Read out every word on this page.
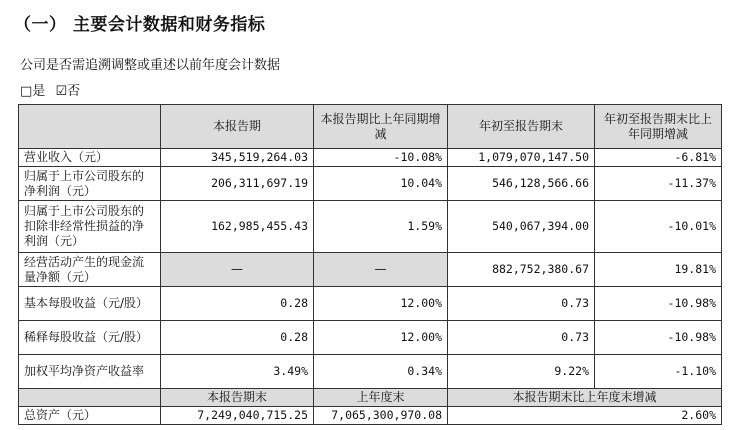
（一） 主要会计数据和财务指标
公司是否需追溯调整或重述以前年度会计数据
□是 ☑否
	本报告期	本报告期比上年同期增减	年初至报告期末	年初至报告期末比上年同期增减
营业收入（元）	345,519,264.03	-10.08%	1,079,070,147.50	-6.81%
归属于上市公司股东的净利润（元）	206,311,697.19	10.04%	546,128,566.66	-11.37%
归属于上市公司股东的扣除非经常性损益的净利润（元）	162,985,455.43	1.59%	540,067,394.00	-10.01%
经营活动产生的现金流量净额（元）	—	—	882,752,380.67	19.81%
基本每股收益（元/股）	0.28	12.00%	0.73	-10.98%
稀释每股收益（元/股）	0.28	12.00%	0.73	-10.98%
加权平均净资产收益率	3.49%	0.34%	9.22%	-1.10%
	本报告期末	上年度末	本报告期末比上年度末增减	
总资产（元）	7,249,040,715.25	7,065,300,970.08	2.60%	
